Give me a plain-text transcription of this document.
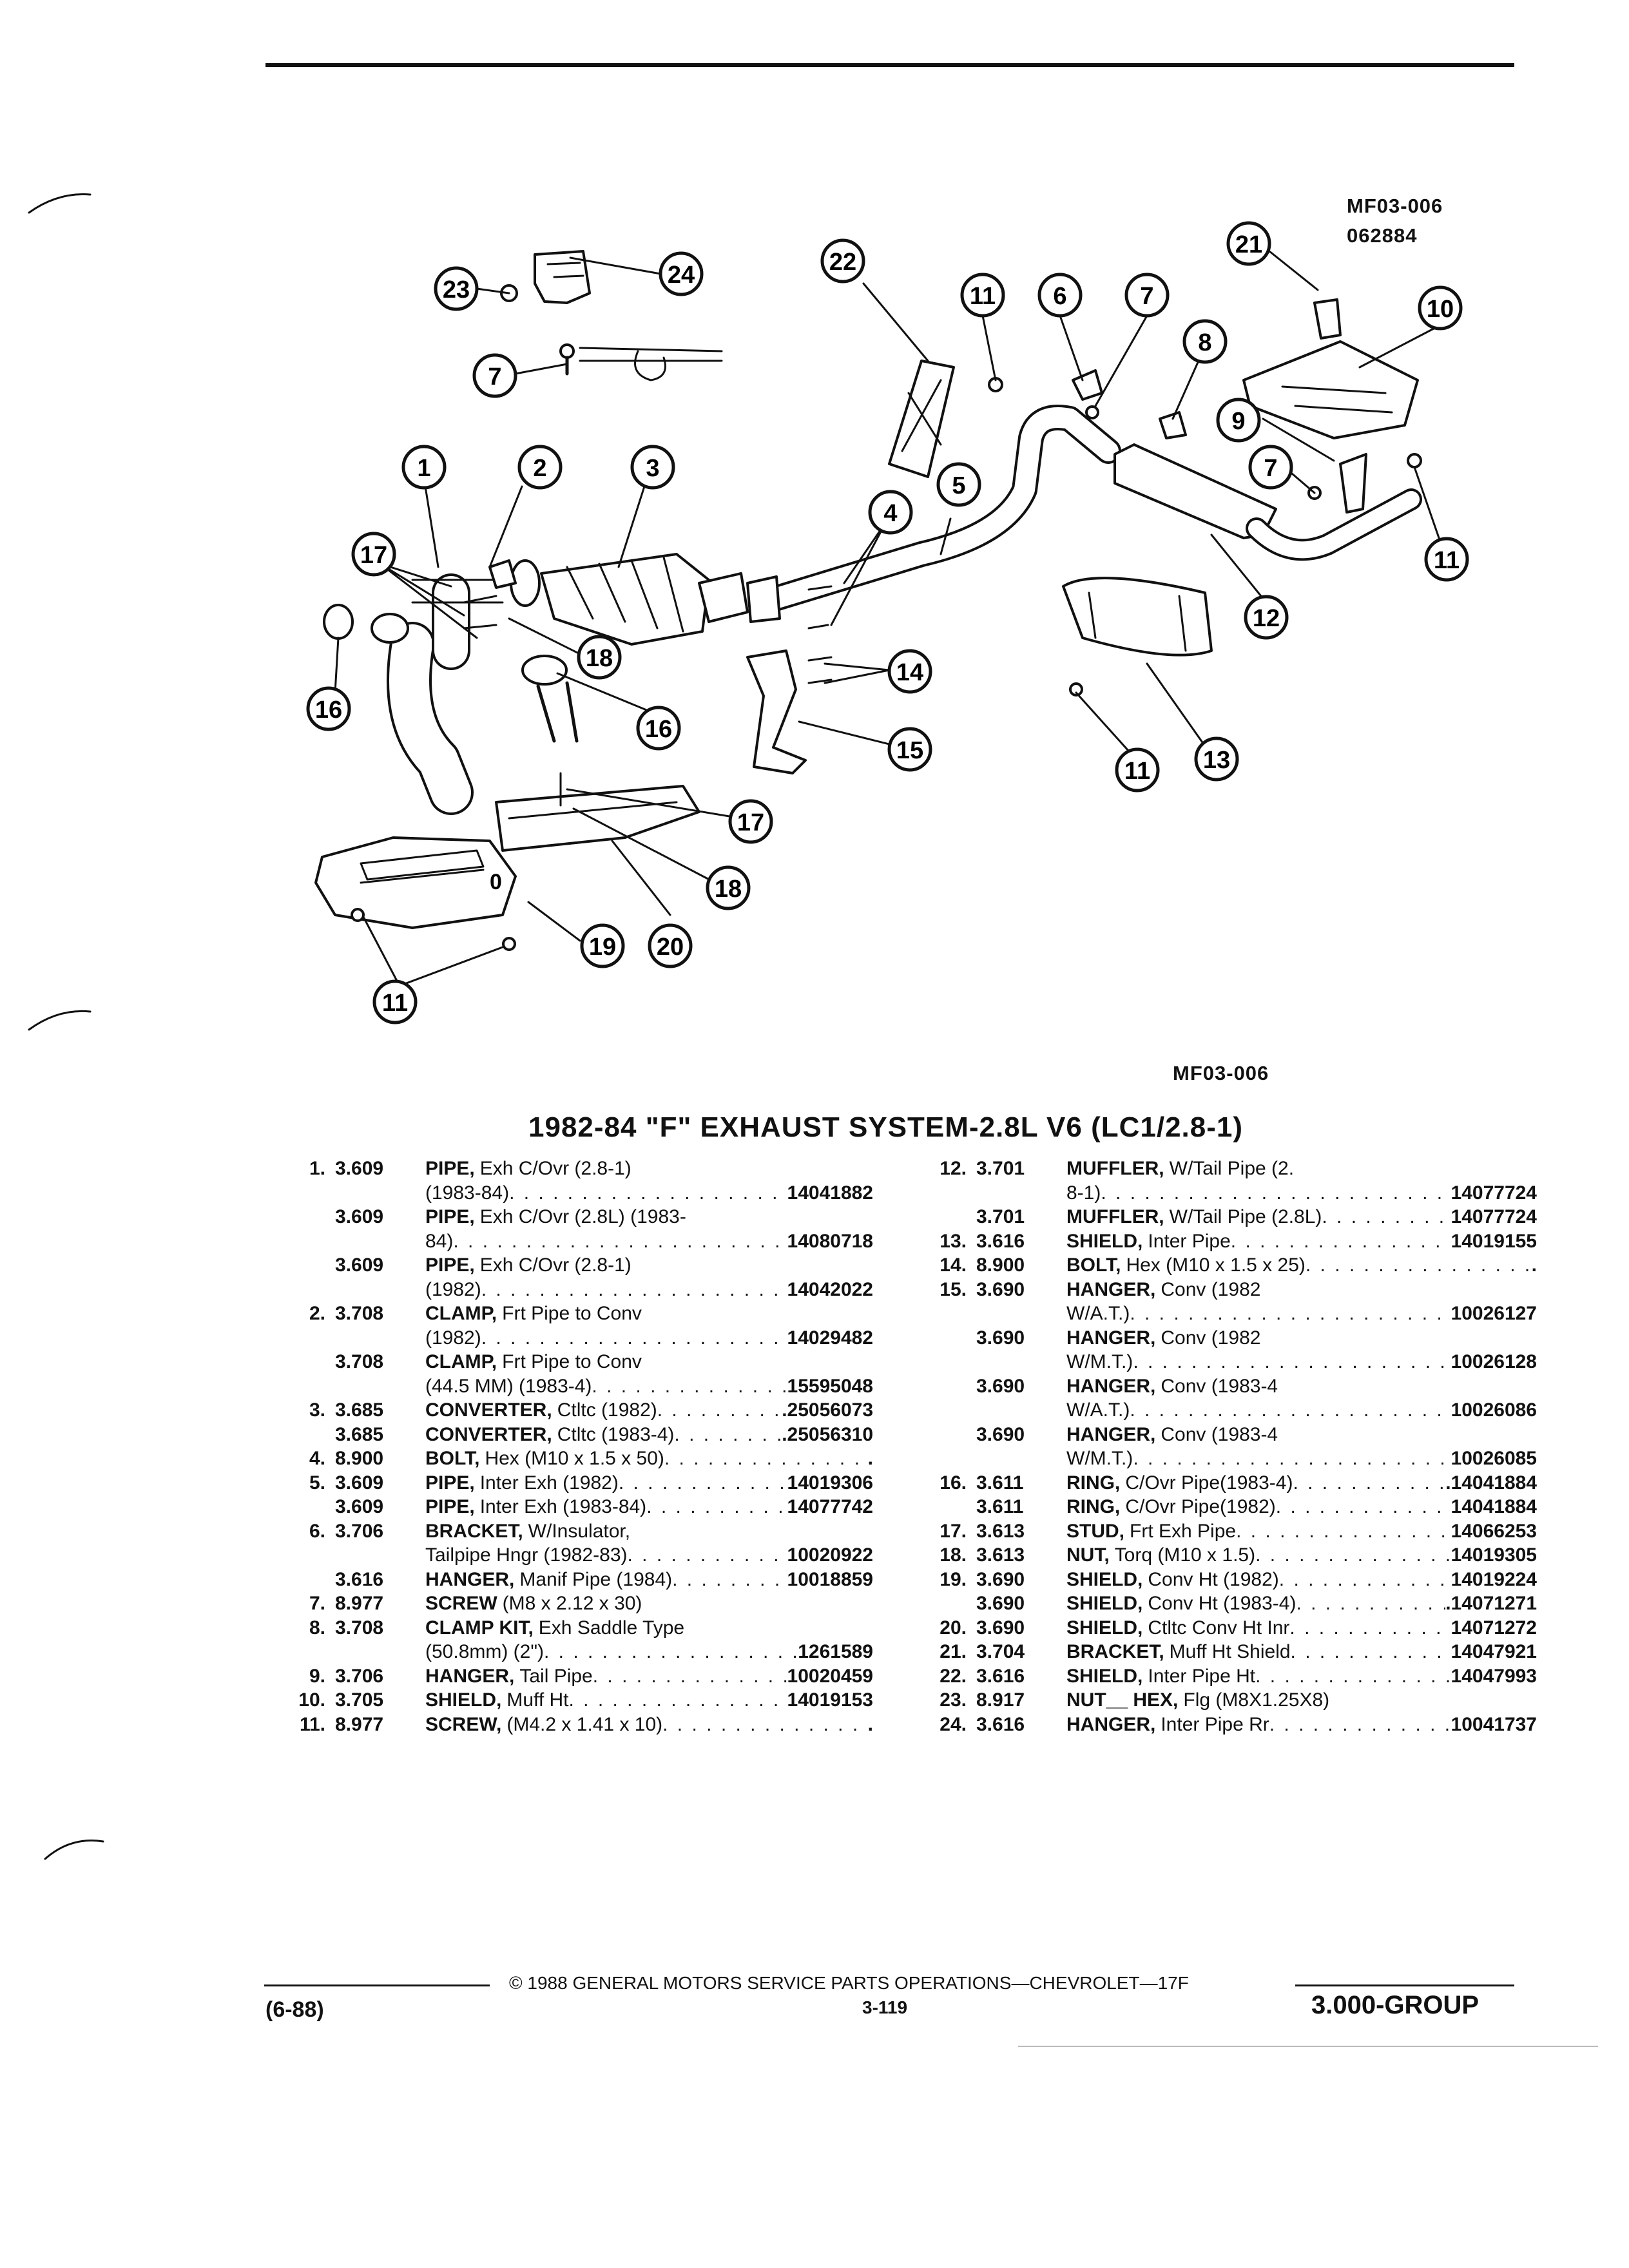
MF03-006
062884
MF03-006
0
23
24
7
22
11 6	7
8
21
10
9
7
11
12
13
11
4
5
14
15
1	2	3
17
18
16
16
17
18
20
19
11
1982-84 "F" EXHAUST SYSTEM-2.8L V6 (LC1/2.8-1)
1. 3.609 PIPE, Exh C/Ovr (2.8-1)
(1983-84) . . .	14041882
3.609 PIPE, Exh C/Ovr (2.8L) (1983-
84) . . .	14080718
3.609 PIPE, Exh C/Ovr (2.8-1)
(1982) . . .	14042022
2. 3.708 CLAMP, Frt Pipe to Conv
(1982) . . .	14029482
3.708 CLAMP, Frt Pipe to Conv
(44.5 MM) (1983-4) . . .	15595048
3. 3.685 CONVERTER, Ctltc (1982) . . .	.25056073
3.685 CONVERTER, Ctltc (1983-4) . . .	.25056310
4. 8.900 BOLT, Hex (M10 x 1.5 x 50) . . .	.
5. 3.609 PIPE, Inter Exh (1982) . . .	14019306
3.609 PIPE, Inter Exh (1983-84) . . .	14077742
6. 3.706 BRACKET, W/Insulator,
Tailpipe Hngr (1982-83) . . .	10020922
3.616 HANGER, Manif Pipe (1984) . . .	10018859
7. 8.977 SCREW (M8 x 2.12 x 30)
8. 3.708 CLAMP KIT, Exh Saddle Type
(50.8mm) (2") . . .	1261589
9. 3.706 HANGER, Tail Pipe . . .	10020459
10. 3.705 SHIELD, Muff Ht . . .	14019153
11. 8.977 SCREW, (M4.2 x 1.41 x 10) . . .	.
12. 3.701 MUFFLER, W/Tail Pipe (2.
8-1) . . .	14077724
3.701 MUFFLER, W/Tail Pipe (2.8L) . . .	14077724
13. 3.616 SHIELD, Inter Pipe . . .	14019155
14. 8.900 BOLT, Hex (M10 x 1.5 x 25) . . .	.
15. 3.690 HANGER, Conv (1982
W/A.T.) . . .	10026127
3.690 HANGER, Conv (1982
W/M.T.) . . .	10026128
3.690 HANGER, Conv (1983-4
W/A.T.) . . .	10026086
3.690 HANGER, Conv (1983-4
W/M.T.) . . .	10026085
16. 3.611 RING, C/Ovr Pipe(1983-4) . . .	.14041884
3.611 RING, C/Ovr Pipe(1982) . . .	14041884
17. 3.613 STUD, Frt Exh Pipe . . .	14066253
18. 3.613 NUT, Torq (M10 x 1.5) . . .	14019305
19. 3.690 SHIELD, Conv Ht (1982) . . .	14019224
3.690 SHIELD, Conv Ht (1983-4) . . .	.14071271
20. 3.690 SHIELD, Ctltc Conv Ht Inr . . .	14071272
21. 3.704 BRACKET, Muff Ht Shield . . .	14047921
22. 3.616 SHIELD, Inter Pipe Ht . . .	14047993
23. 8.917 NUT__ HEX, Flg (M8X1.25X8)
24. 3.616 HANGER, Inter Pipe Rr . . .	10041737
© 1988 GENERAL MOTORS SERVICE PARTS OPERATIONS—CHEVROLET—17F
3-119
(6-88)	3.000-GROUP
